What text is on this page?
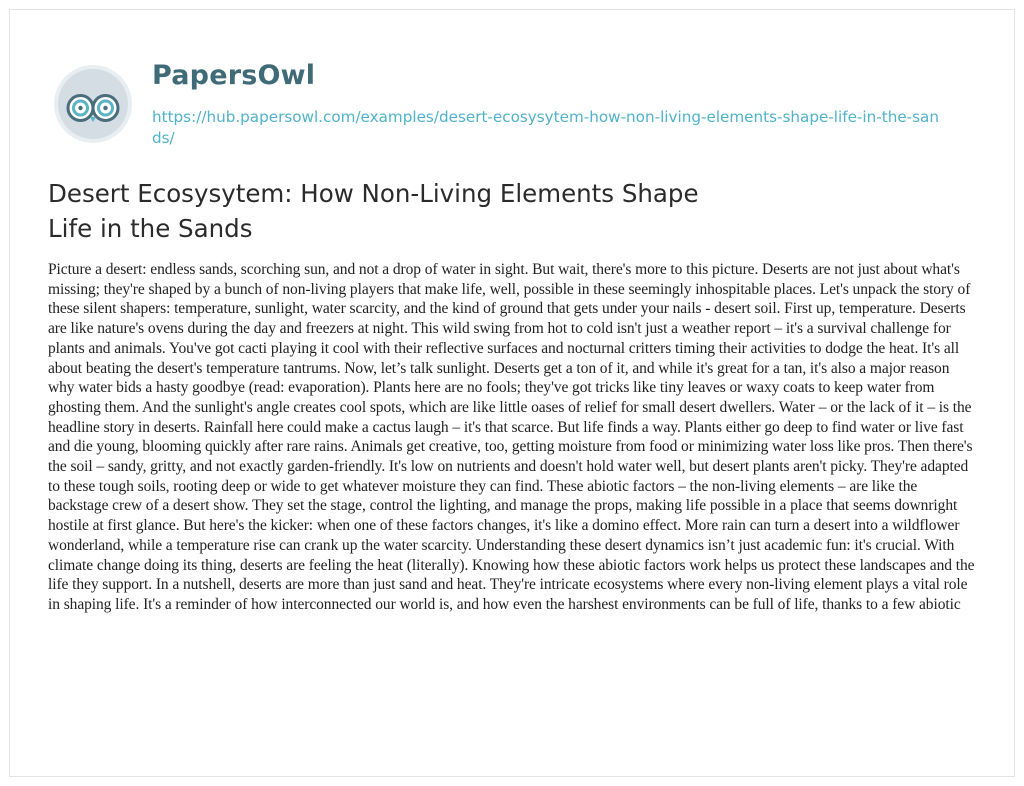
PapersOwl
https://hub.papersowl.com/examples/desert-ecosysytem-how-non-living-elements-shape-life-in-the-sands/
Desert Ecosysytem: How Non-Living Elements Shape Life in the Sands

Picture a desert: endless sands, scorching sun, and not a drop of water in sight. But wait, there's more to this picture. Deserts are not just about what's missing; they're shaped by a bunch of non-living players that make life, well, possible in these seemingly inhospitable places. Let's unpack the story of these silent shapers: temperature, sunlight, water scarcity, and the kind of ground that gets under your nails - desert soil. First up, temperature. Deserts are like nature's ovens during the day and freezers at night. This wild swing from hot to cold isn't just a weather report – it's a survival challenge for plants and animals. You've got cacti playing it cool with their reflective surfaces and nocturnal critters timing their activities to dodge the heat. It's all about beating the desert's temperature tantrums. Now, let’s talk sunlight. Deserts get a ton of it, and while it's great for a tan, it's also a major reason why water bids a hasty goodbye (read: evaporation). Plants here are no fools; they've got tricks like tiny leaves or waxy coats to keep water from ghosting them. And the sunlight's angle creates cool spots, which are like little oases of relief for small desert dwellers. Water – or the lack of it – is the headline story in deserts. Rainfall here could make a cactus laugh – it's that scarce. But life finds a way. Plants either go deep to find water or live fast and die young, blooming quickly after rare rains. Animals get creative, too, getting moisture from food or minimizing water loss like pros. Then there's the soil – sandy, gritty, and not exactly garden-friendly. It's low on nutrients and doesn't hold water well, but desert plants aren't picky. They're adapted to these tough soils, rooting deep or wide to get whatever moisture they can find. These abiotic factors – the non-living elements – are like the backstage crew of a desert show. They set the stage, control the lighting, and manage the props, making life possible in a place that seems downright hostile at first glance. But here's the kicker: when one of these factors changes, it's like a domino effect. More rain can turn a desert into a wildflower wonderland, while a temperature rise can crank up the water scarcity. Understanding these desert dynamics isn’t just academic fun: it's crucial. With climate change doing its thing, deserts are feeling the heat (literally). Knowing how these abiotic factors work helps us protect these landscapes and the life they support. In a nutshell, deserts are more than just sand and heat. They're intricate ecosystems where every non-living element plays a vital role in shaping life. It's a reminder of how interconnected our world is, and how even the harshest environments can be full of life, thanks to a few abiotic
